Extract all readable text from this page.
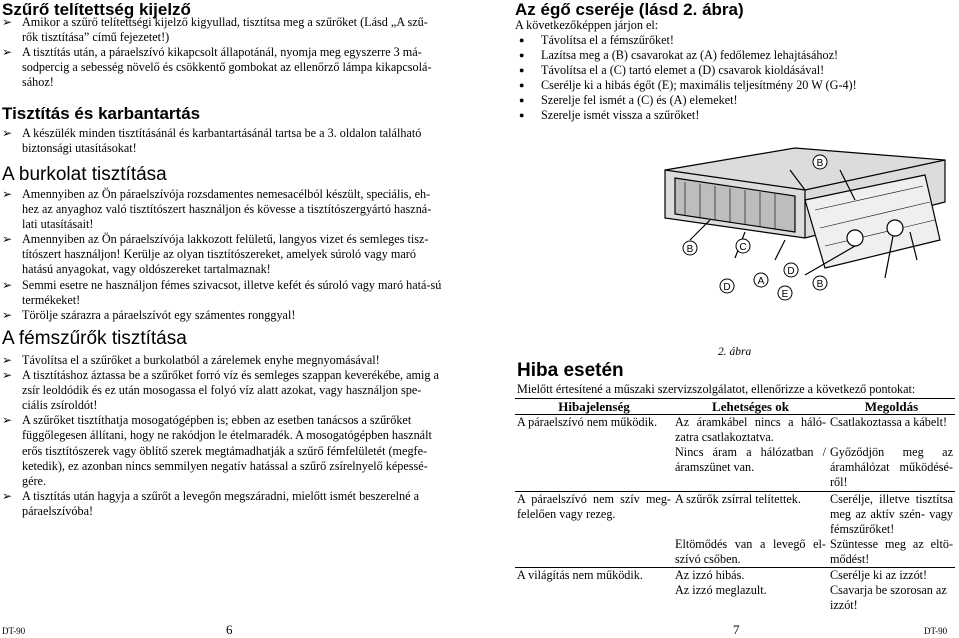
Szűrő telítettség kijelző

➢ Amikor a szűrő telítettségi kijelző kigyullad, tisztítsa meg a szűrőket (Lásd „A szű-rők tisztítása” című fejezetet!)

➢ A tisztítás után, a páraelszívó kikapcsolt állapotánál, nyomja meg egyszerre 3 má-sodpercig a sebesség növelő és csökkentő gombokat az ellenőrző lámpa kikapcsolá-sához!

Tisztítás és karbantartás

➢ A készülék minden tisztításánál és karbantartásánál tartsa be a 3. oldalon található biztonsági utasításokat!

A burkolat tisztítása

➢ Amennyiben az Ön páraelszívója rozsdamentes nemesacélból készült, speciális, eh-hez az anyaghoz való tisztítószert használjon és kövesse a tisztítószergyártó haszná-lati utasításait!

➢ Amennyiben az Ön páraelszívója lakkozott felületű, langyos vizet és semleges tisz-títószert használjon! Kerülje az olyan tisztítószereket, amelyek súroló vagy maró hatású anyagokat, vagy oldószereket tartalmaznak!

➢ Semmi esetre ne használjon fémes szivacsot, illetve kefét és súroló vagy maró hatá-sú termékeket!

➢ Törölje szárazra a páraelszívót egy számentes ronggyal!

A fémszűrők tisztítása

➢ Távolítsa el a szűrőket a burkolatból a zárelemek enyhe megnyomásával!

➢ A tisztításhoz áztassa be a szűrőket forró víz és semleges szappan keverékébe, amig a zsír leoldódik és ez után mosogassa el folyó víz alatt azokat, vagy használjon spe-ciális zsíroldót!

➢ A szűrőket tisztíthatja mosogatógépben is; ebben az esetben tanácsos a szűrőket függőlegesen állítani, hogy ne rakódjon le ételmaradék. A mosogatógépben használt erős tisztítószerek vagy öblítő szerek megtámadhatják a szűrő fémfelületét (megfe-ketedik), ez azonban nincs semmilyen negatív hatással a szűrő zsírelnyelő képessé-gére.

➢ A tisztítás után hagyja a szűrőt a levegőn megszáradni, mielőtt ismét beszerelné a páraelszívóba!

DT-90	6
Az égő cseréje (lásd 2. ábra)
A következőképpen járjon el:
● Távolítsa el a fémszűrőket!
● Lazítsa meg a (B) csavarokat az (A) fedőlemez lehajtásához!
● Távolítsa el a (C) tartó elemet a (D) csavarok kioldásával!
● Cserélje ki a hibás égőt (E); maximális teljesítmény 20 W (G-4)!
● Szerelje fel ismét a (C) és (A) elemeket!
● Szerelje ismét vissza a szűrőket!
B	C
B
D
A
D
E
B
2. ábra
Hiba esetén
Mielőtt értesítené a műszaki szervizszolgálatot, ellenőrizze a következő pontokat:
Hibajelenség	Lehetséges ok	Megoldás
A páraelszívó nem működik.	Az áramkábel nincs a háló-zatra csatlakoztatva.	Csatlakoztassa a kábelt!
	Nincs áram a hálózatban / áramszünet van.	Győződjön meg az áramhálózat működésé-ről!
A páraelszívó nem szív meg-felelően vagy rezeg.	A szűrők zsírral telítettek.	Cserélje, illetve tisztítsa meg az aktív szén- vagy fémszűrőket!
	Eltömődés van a levegő el-szívó csőben.	Szüntesse meg az eltö-mődést!
A világítás nem működik.	Az izzó hibás.	Cserélje ki az izzót!
	Az izzó meglazult.	Csavarja be szorosan az izzót!
7	DT-90
